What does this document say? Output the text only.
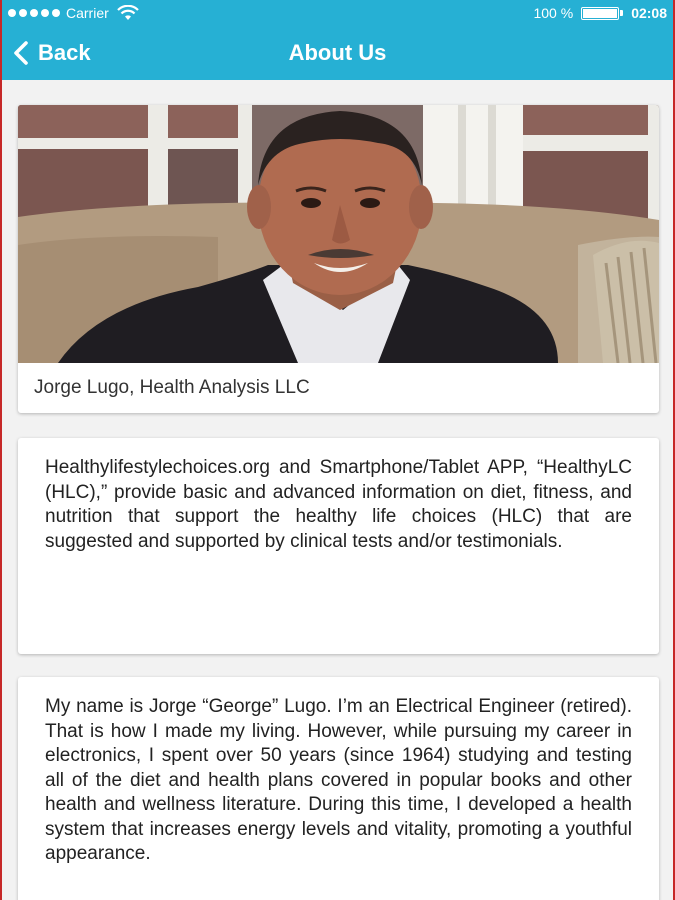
Carrier	100 %	02:08
Back	About Us
Jorge Lugo, Health Analysis LLC

Healthylifestylechoices.org and Smartphone/Tablet APP, “HealthyLC (HLC),” provide basic and advanced information on diet, fitness, and nutrition that support the healthy life choices (HLC) that are suggested and supported by clinical tests and/or testimonials.

My name is Jorge “George” Lugo. I’m an Electrical Engineer (retired). That is how I made my living. However, while pursuing my career in electronics, I spent over 50 years (since 1964) studying and testing all of the diet and health plans covered in popular books and other health and wellness literature. During this time, I developed a health system that increases energy levels and vitality, promoting a youthful appearance.
